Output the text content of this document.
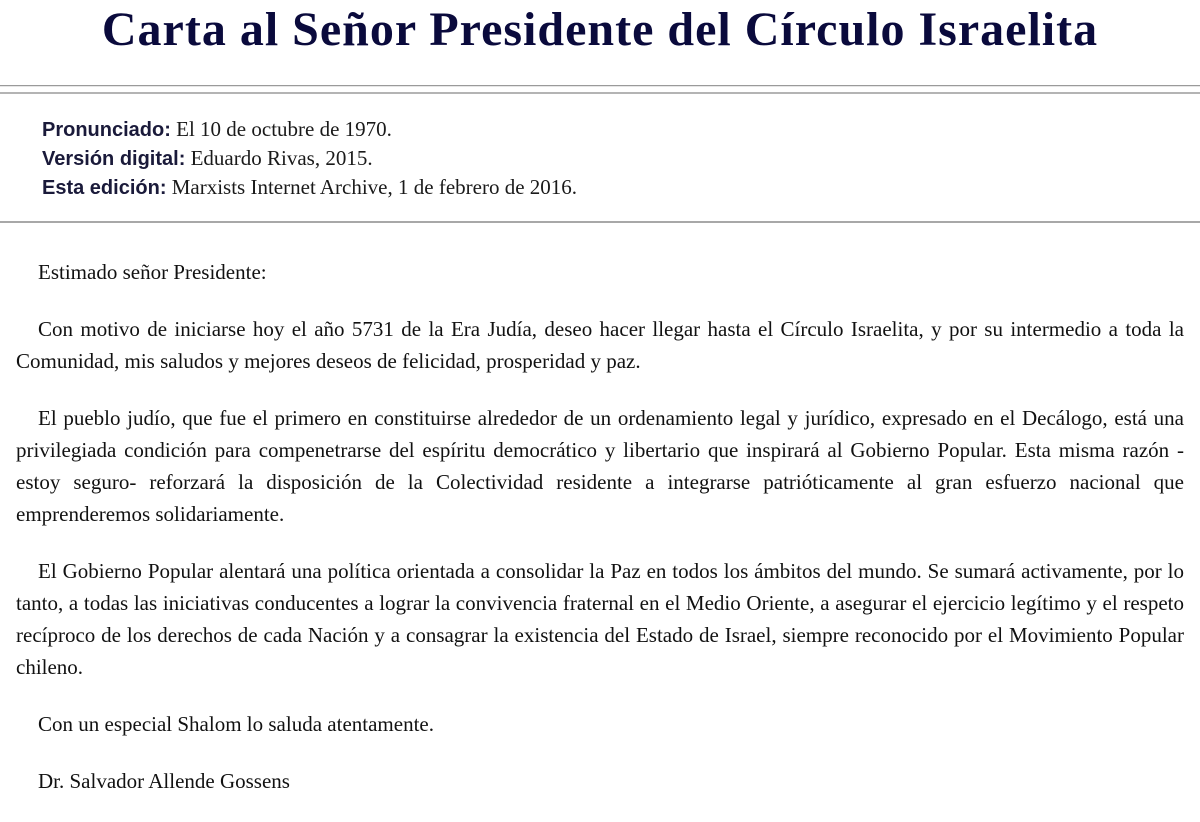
Carta al Señor Presidente del Círculo Israelita
Pronunciado: El 10 de octubre de 1970.
Versión digital: Eduardo Rivas, 2015.
Esta edición: Marxists Internet Archive, 1 de febrero de 2016.

Estimado señor Presidente:

Con motivo de iniciarse hoy el año 5731 de la Era Judía, deseo hacer llegar hasta el Círculo Israelita, y por su intermedio a toda la Comunidad, mis saludos y mejores deseos de felicidad, prosperidad y paz.

El pueblo judío, que fue el primero en constituirse alrededor de un ordenamiento legal y jurídico, expresado en el Decálogo, está una privilegiada condición para compenetrarse del espíritu democrático y libertario que inspirará al Gobierno Popular. Esta misma razón -estoy seguro- reforzará la disposición de la Colectividad residente a integrarse patrióticamente al gran esfuerzo nacional que emprenderemos solidariamente.

El Gobierno Popular alentará una política orientada a consolidar la Paz en todos los ámbitos del mundo. Se sumará activamente, por lo tanto, a todas las iniciativas conducentes a lograr la convivencia fraternal en el Medio Oriente, a asegurar el ejercicio legítimo y el respeto recíproco de los derechos de cada Nación y a consagrar la existencia del Estado de Israel, siempre reconocido por el Movimiento Popular chileno.

Con un especial Shalom lo saluda atentamente.

Dr. Salvador Allende Gossens
